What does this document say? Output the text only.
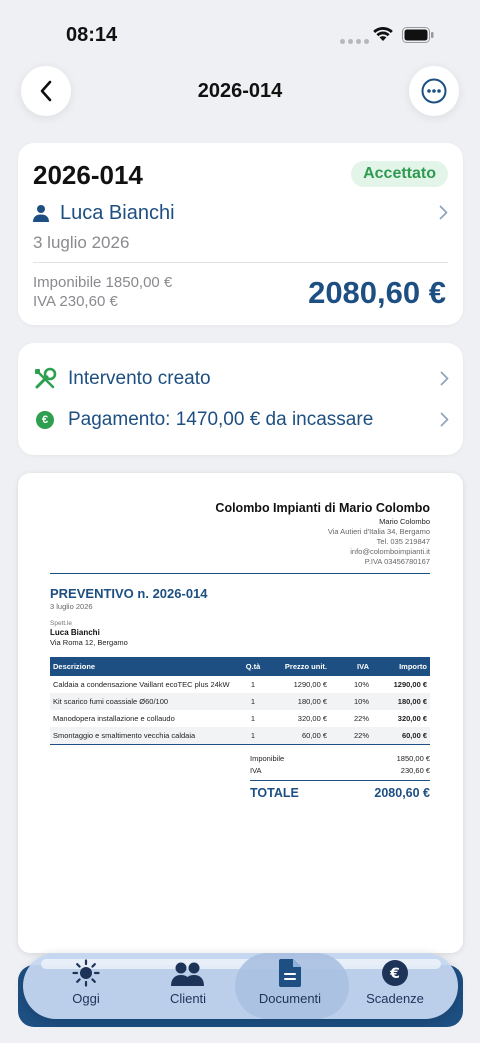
08:14
2026-014
2026-014	Accettato
Luca Bianchi
3 luglio 2026
Imponibile 1850,00 €
IVA 230,60 €	2080,60 €
Intervento creato
€	Pagamento: 1470,00 € da incassare
Colombo Impianti di Mario Colombo
Mario Colombo
Via Autieri d'Italia 34, Bergamo
Tel. 035 219847
info@colomboimpianti.it
P.IVA 03456780167
PREVENTIVO n. 2026-014
3 luglio 2026
Spett.le
Luca Bianchi
Via Roma 12, Bergamo
Descrizione	Q.tà	Prezzo unit.	IVA	Importo
Caldaia a condensazione Vaillant ecoTEC plus 24kW	1	1290,00 €	10%	1290,00 €
Kit scarico fumi coassiale Ø60/100	1	180,00 €	10%	180,00 €
Manodopera installazione e collaudo	1	320,00 €	22%	320,00 €
Smontaggio e smaltimento vecchia caldaia	1	60,00 €	22%	60,00 €
Imponibile	1850,00 €
IVA	230,60 €
TOTALE	2080,60 €
Oggi	Clienti	Documenti
€
Scadenze
